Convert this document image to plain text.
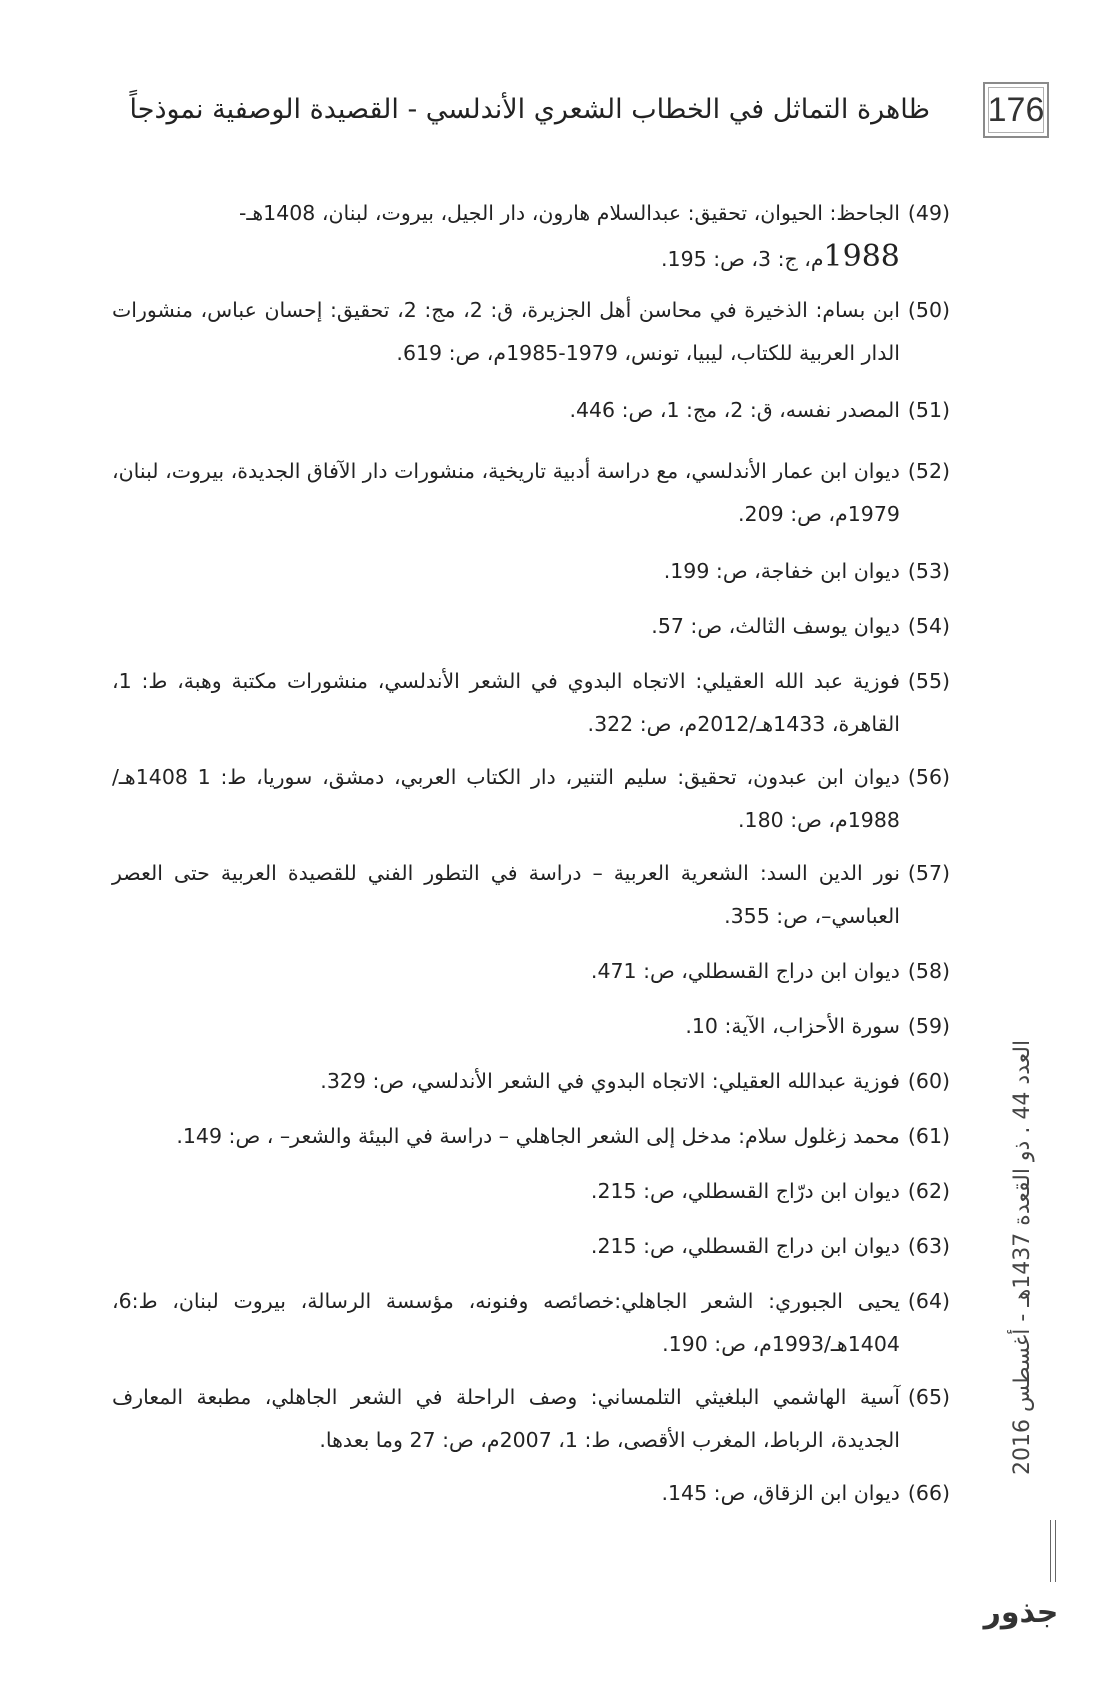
176
ظاهرة التماثل في الخطاب الشعري الأندلسي - القصيدة الوصفية نموذجاً
(49)
الجاحظ: الحيوان، تحقيق: عبدالسلام هارون، دار الجيل، بيروت، لبنان، 1408هـ-
1988م، ج: 3، ص: 195.
(50)
ابن بسام: الذخيرة في محاسن أهل الجزيرة، ق: 2، مج: 2، تحقيق: إحسان عباس، منشورات الدار العربية للكتاب، ليبيا، تونس، 1979-1985م، ص: 619.
(51)
المصدر نفسه، ق: 2، مج: 1، ص: 446.
(52)
ديوان ابن عمار الأندلسي، مع دراسة أدبية تاريخية، منشورات دار الآفاق الجديدة، بيروت، لبنان، 1979م، ص: 209.
(53)
ديوان ابن خفاجة، ص: 199.
(54)
ديوان يوسف الثالث، ص: 57.
(55)
فوزية عبد الله العقيلي: الاتجاه البدوي في الشعر الأندلسي، منشورات مكتبة وهبة، ط: 1، القاهرة، 1433هـ/2012م، ص: 322.
(56)
ديوان ابن عبدون، تحقيق: سليم التنير، دار الكتاب العربي، دمشق، سوريا، ط: 1 1408هـ/ 1988م، ص: 180.
(57)
نور الدين السد: الشعرية العربية – دراسة في التطور الفني للقصيدة العربية حتى العصر العباسي–، ص: 355.
(58)
ديوان ابن دراج القسطلي، ص: 471.
(59)
سورة الأحزاب، الآية: 10.
(60)
فوزية عبدالله العقيلي: الاتجاه البدوي في الشعر الأندلسي، ص: 329.
(61)
محمد زغلول سلام: مدخل إلى الشعر الجاهلي – دراسة في البيئة والشعر– ، ص: 149.
(62)
ديوان ابن درّاج القسطلي، ص: 215.
(63)
ديوان ابن دراج القسطلي، ص: 215.
(64)
يحيى الجبوري: الشعر الجاهلي:خصائصه وفنونه، مؤسسة الرسالة، بيروت لبنان، ط:6، 1404هـ/1993م، ص: 190.
(65)
آسية الهاشمي البلغيثي التلمساني: وصف الراحلة في الشعر الجاهلي، مطبعة المعارف الجديدة، الرباط، المغرب الأقصى، ط: 1، 2007م، ص: 27 وما بعدها.
(66)
ديوان ابن الزقاق، ص: 145.
العدد 44 . ذو القعدة 1437هـ - أغسطس 2016
جذور
